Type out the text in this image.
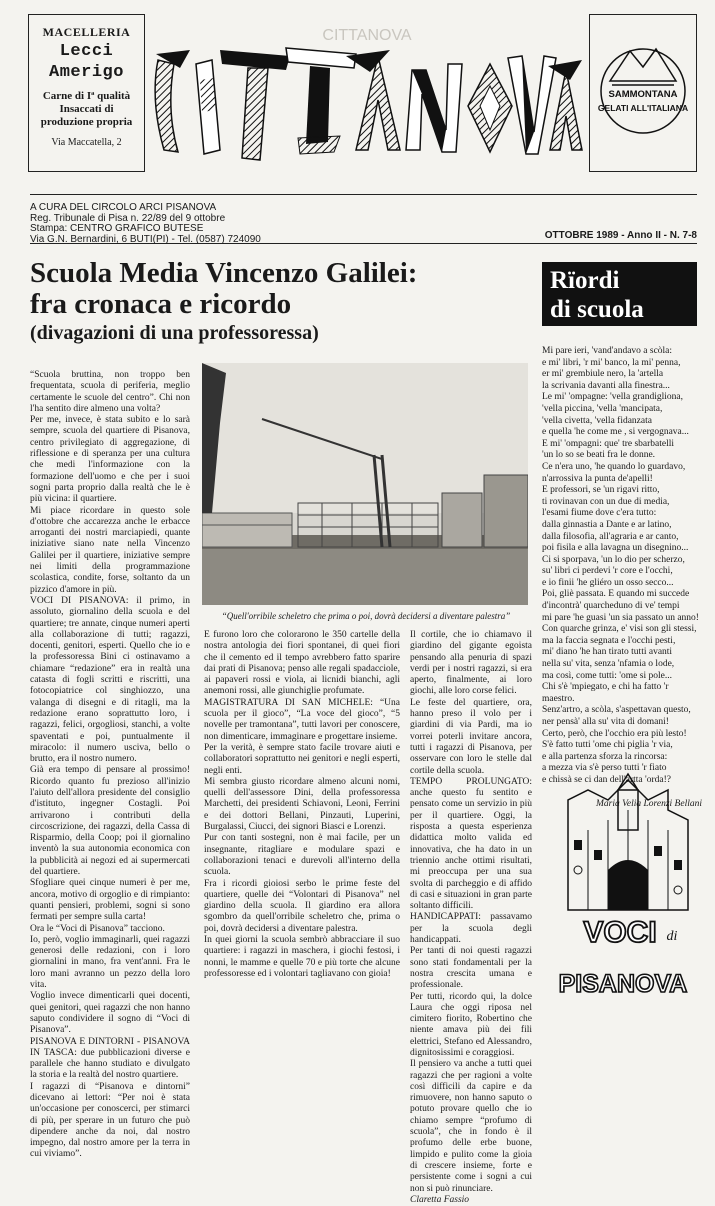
MACELLERIA
Lecci
Amerigo
Carne di Iª qualità
Insaccati di
produzione propria
Via Maccatella, 2
CITTANOVA
SAMMONTANA
GELATI ALL'ITALIANA
A CURA DEL CIRCOLO ARCI PISANOVA
Reg. Tribunale di Pisa n. 22/89 del 9 ottobre
Stampa: CENTRO GRAFICO BUTESE
Via G.N. Bernardini, 6 BUTI(PI) - Tel. (0587) 724090	OTTOBRE 1989 - Anno II - N. 7-8
Scuola Media Vincenzo Galilei:
fra cronaca e ricordo
(divagazioni di una professoressa)
Rïordi
di scuola

“Scuola bruttina, non troppo ben frequentata, scuola di periferia, meglio certamente le scuole del centro”. Chi non l'ha sentito dire almeno una volta?

Per me, invece, è stata subito e lo sarà sempre, scuola del quartiere di Pisanova, centro privilegiato di aggregazione, di riflessione e di speranza per una cultura che medi l'informazione con la formazione dell'uomo e che per i suoi sogni parta proprio dalla realtà che le è più vicina: il quartiere.

Mi piace ricordare in questo sole d'ottobre che accarezza anche le erbacce arroganti dei nostri marciapiedi, quante iniziative siano nate nella Vincenzo Galilei per il quartiere, iniziative sempre nei limiti della programmazione scolastica, condite, forse, soltanto da un pizzico d'amore in più.

VOCI DI PISANOVA: il primo, in assoluto, giornalino della scuola e del quartiere; tre annate, cinque numeri aperti alla collaborazione di tutti; ragazzi, docenti, genitori, esperti. Quello che io e la professoressa Bini ci ostinavamo a chiamare “redazione” era in realtà una catasta di fogli scritti e riscritti, una fotocopiatrice col singhiozzo, una valanga di disegni e di ritagli, ma la redazione erano soprattutto loro, i ragazzi, felici, orgogliosi, stanchi, a volte spaventati e poi, puntualmente il miracolo: il numero usciva, bello o brutto, era il nostro numero.

Già era tempo di pensare al prossimo! Ricordo quanto fu prezioso all'inizio l'aiuto dell'allora presidente del consiglio d'istituto, ingegner Costagli. Poi arrivarono i contributi della circoscrizione, dei ragazzi, della Cassa di Risparmio, della Coop; poi il giornalino inventò la sua autonomia economica con la pubblicità ai negozi ed ai supermercati del quartiere.

Sfogliare quei cinque numeri è per me, ancora, motivo di orgoglio e di rimpianto: quanti pensieri, problemi, sogni si sono fermati per sempre sulla carta!

Ora le “Voci di Pisanova” tacciono.

Io, però, voglio immaginarli, quei ragazzi generosi delle redazioni, con i loro giornalini in mano, fra vent'anni. Fra le loro mani avranno un pezzo della loro vita.

Voglio invece dimenticarli quei docenti, quei genitori, quei ragazzi che non hanno saputo condividere il sogno di “Voci di Pisanova”.

PISANOVA E DINTORNI - PISANOVA IN TASCA: due pubblicazioni diverse e parallele che hanno studiato e divulgato la storia e la realtà del nostro quartiere.

I ragazzi di “Pisanova e dintorni” dicevano ai lettori: “Per noi è stata un'occasione per conoscerci, per stimarci di più, per sperare in un futuro che può dipendere anche da noi, dal nostro impegno, dal nostro amore per la terra in cui viviamo”.

“Quell'orribile scheletro che prima o poi, dovrà decidersi a diventare palestra”

E furono loro che colorarono le 350 cartelle della nostra antologia dei fiori spontanei, di quei fiori che il cemento ed il tempo avrebbero fatto sparire dai prati di Pisanova; penso alle regali spadacciole, ai papaveri rossi e viola, ai licnidi bianchi, agli anemoni rossi, alle giunchiglie profumate.

MAGISTRATURA DI SAN MICHELE: “Una scuola per il gioco”, “La voce del gioco”, “5 novelle per tramontana”, tutti lavori per conoscere, non dimenticare, immaginare e progettare insieme.

Per la verità, è sempre stato facile trovare aiuti e collaboratori soprattutto nei genitori e negli esperti, negli enti.

Mi sembra giusto ricordare almeno alcuni nomi, quelli dell'assessore Dini, della professoressa Marchetti, dei presidenti Schiavoni, Leoni, Ferrini e dei dottori Bellani, Pinzauti, Luperini, Burgalassi, Ciucci, dei signori Biasci e Lorenzi.

Pur con tanti sostegni, non è mai facile, per un insegnante, ritagliare e modulare spazi e collaborazioni tenaci e durevoli all'interno della scuola.

Fra i ricordi gioiosi serbo le prime feste del quartiere, quelle dei “Volontari di Pisanova” nel giardino della scuola. Il giardino era allora sgombro da quell'orribile scheletro che, prima o poi, dovrà decidersi a diventare palestra.

In quei giorni la scuola sembrò abbracciare il suo quartiere: i ragazzi in maschera, i giochi festosi, i nonni, le mamme e quelle 70 e più torte che alcune professoresse ed i volontari tagliavano con gioia!

Il cortile, che io chiamavo il giardino del gigante egoista pensando alla penuria di spazi verdi per i nostri ragazzi, si era aperto, finalmente, ai loro giochi, alle loro corse felici.

Le feste del quartiere, ora, hanno preso il volo per i giardini di via Pardi, ma io vorrei poterli invitare ancora, tutti i ragazzi di Pisanova, per osservare con loro le stelle dal cortile della scuola.

TEMPO PROLUNGATO: anche questo fu sentito e pensato come un servizio in più per il quartiere. Oggi, la risposta a questa esperienza didattica molto valida ed innovativa, che ha dato in un triennio anche ottimi risultati, mi preoccupa per una sua svolta di parcheggio e di affido di casi e situazioni in gran parte soltanto difficili.

HANDICAPPATI: passavamo per la scuola degli handicappati.

Per tanti di noi questi ragazzi sono stati fondamentali per la nostra crescita umana e professionale.

Per tutti, ricordo qui, la dolce Laura che oggi riposa nel cimitero fiorito, Robertino che niente amava più dei fili elettrici, Stefano ed Alessandro, dignitosissimi e coraggiosi.

Il pensiero va anche a tutti quei ragazzi che per ragioni a volte così difficili da capire e da rimuovere, non hanno saputo o potuto provare quello che io chiamo sempre “profumo di scuola”, che in fondo è il profumo delle erbe buone, limpido e pulito come la gioia di crescere insieme, forte e persistente come i sogni a cui non si può rinunciare.

Claretta Fassio

Mi pare ieri, 'vand'andavo a scòla:

e mi' libri, 'r mi' banco, la mi' penna,

er mi' grembiule nero, la 'artella

la scrivania davanti alla finestra...

Le mi' 'ompagne: 'vella grandigliona,

'vella piccina, 'vella 'mancipata,

'vella civetta, 'vella fidanzata

e quella 'he come me , si vergognava...

E mi' 'ompagni: que' tre sbarbatelli

'un lo so se beati fra le donne.

Ce n'era uno, 'he quando lo guardavo,

n'arrossiva la punta de'apelli!

E professori, se 'un rigavi ritto,

ti rovinavan con un due di media,

l'esami fiume dove c'era tutto:

dalla ginnastia a Dante e ar latino,

dalla filosofia, all'agraria e ar canto,

poi fisila e alla lavagna un disegnino...

Ci si sporpava, 'un lo dio per scherzo,

su' libri ci perdevi 'r core e l'occhi,

e io finii 'he gliéro un osso secco...

Poi, gliè passata. E quando mi succede

d'incontrà' quarcheduno di ve' tempi

mi pare 'he guasi 'un sia passato un anno!

Con quarche grinza, e' visi son gli stessi,

ma la faccia segnata e l'occhi pesti,

mi' diano 'he han tirato tutti avanti

nella su' vita, senza 'nfamia o lode,

ma così, come tutti: 'ome si pole...

Chi s'è 'mpiegato, e chi ha fatto 'r maestro.

Senz'artro, a scòla, s'aspettavan questo,

ner pensà' alla su' vita di domani!

Certo, però, che l'occhio era più lesto!

S'è fatto tutti 'ome chi piglia 'r via,

e alla partenza sforza la rincorsa:

a mezza via s'è perso tutti 'r fiato

e chissà se ci dan dell'artta 'orda!?

Maria Velia Lorenzi Bellani

VOCI di
PISANOVA
